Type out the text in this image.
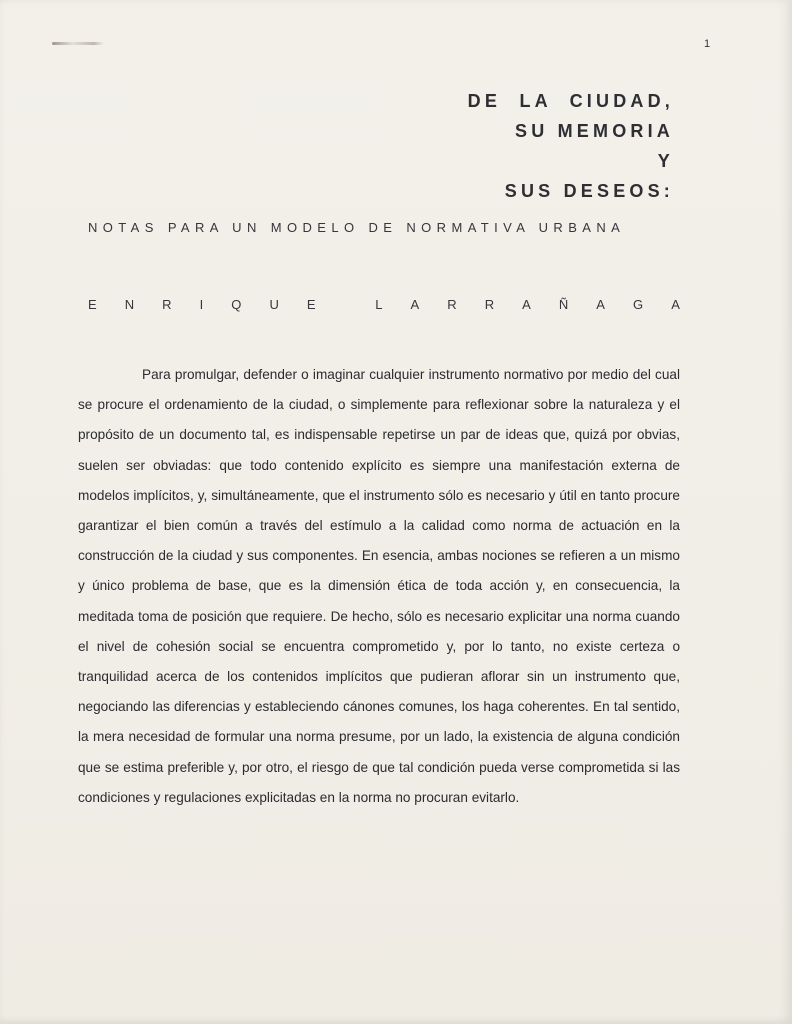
1
DE  LA  CIUDAD,
SU MEMORIA
Y
SUS DESEOS:
NOTAS PARA UN MODELO DE NORMATIVA URBANA
E N R I Q U E
	L A R R A Ñ A G A

Para promulgar, defender o imaginar cualquier instrumento normativo por medio del cual se procure el ordenamiento de la ciudad, o simplemente para reflexionar sobre la naturaleza y el propósito de un documento tal, es indispensable repetirse un par de ideas que, quizá por obvias, suelen ser obviadas: que todo contenido explícito es siempre una manifestación externa de modelos implícitos, y, simultáneamente, que el instrumento sólo es necesario y útil en tanto procure garantizar el bien común a través del estímulo a la calidad como norma de actuación en la construcción de la ciudad y sus componentes. En esencia, ambas nociones se refieren a un mismo y único problema de base, que es la dimensión ética de toda acción y, en consecuencia, la meditada toma de posición que requiere. De hecho, sólo es necesario explicitar una norma cuando el nivel de cohesión social se encuentra comprometido y, por lo tanto, no existe certeza o tranquilidad acerca de los contenidos implícitos que pudieran aflorar sin un instrumento que, negociando las diferencias y estableciendo cánones comunes, los haga coherentes. En tal sentido, la mera necesidad de formular una norma presume, por un lado, la existencia de alguna condición que se estima preferible y, por otro, el riesgo de que tal condición pueda verse comprometida si las condiciones y regulaciones explicitadas en la norma no procuran evitarlo.
